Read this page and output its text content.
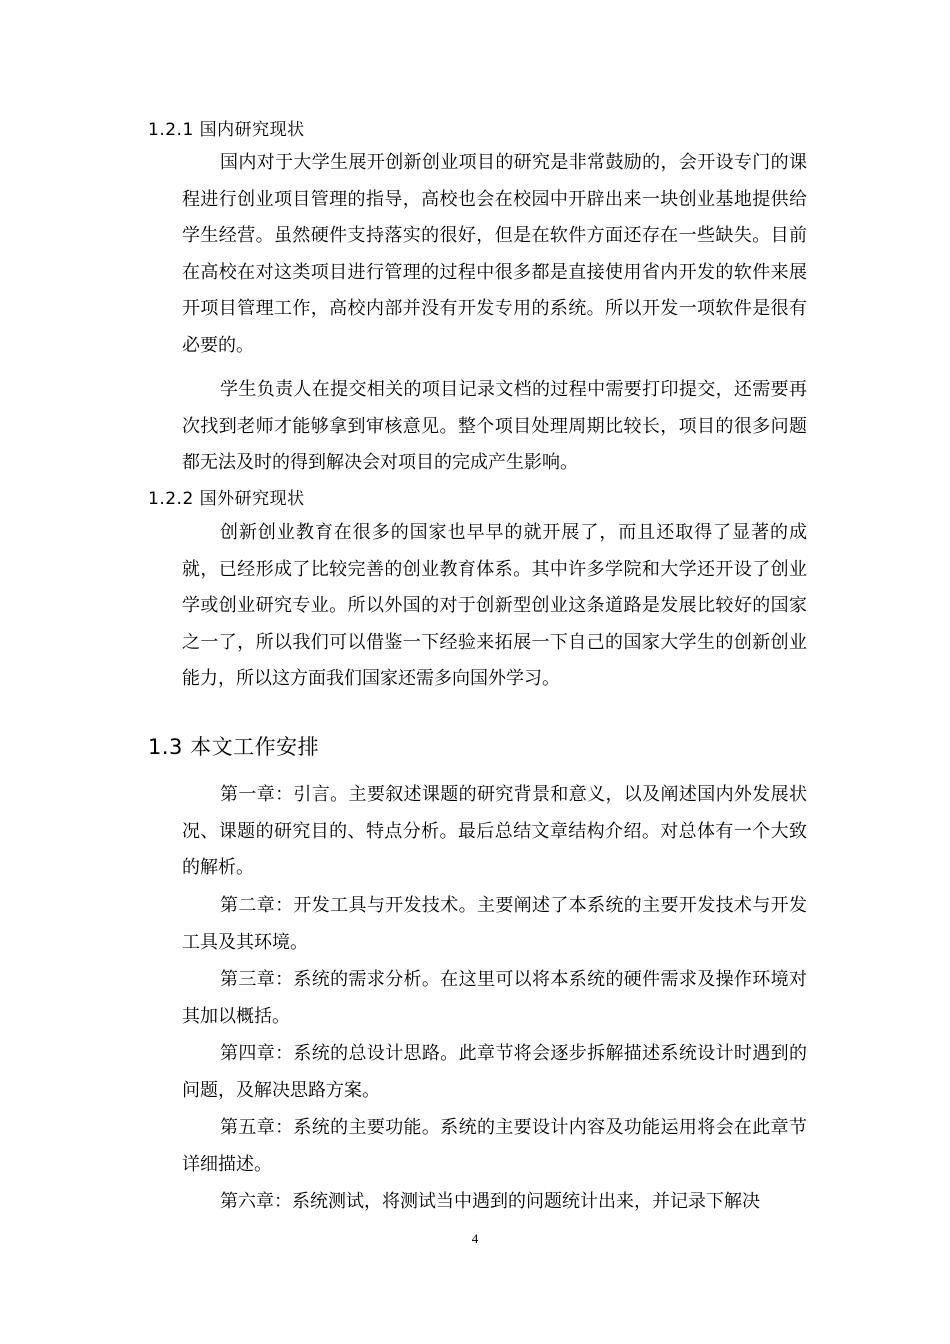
1.2.1 国内研究现状

国内对于大学生展开创新创业项目的研究是非常鼓励的，会开设专门的课程进行创业项目管理的指导，高校也会在校园中开辟出来一块创业基地提供给学生经营。虽然硬件支持落实的很好，但是在软件方面还存在一些缺失。目前在高校在对这类项目进行管理的过程中很多都是直接使用省内开发的软件来展开项目管理工作，高校内部并没有开发专用的系统。所以开发一项软件是很有必要的。

学生负责人在提交相关的项目记录文档的过程中需要打印提交，还需要再次找到老师才能够拿到审核意见。整个项目处理周期比较长，项目的很多问题都无法及时的得到解决会对项目的完成产生影响。

1.2.2 国外研究现状

创新创业教育在很多的国家也早早的就开展了，而且还取得了显著的成就，已经形成了比较完善的创业教育体系。其中许多学院和大学还开设了创业学或创业研究专业。所以外国的对于创新型创业这条道路是发展比较好的国家之一了，所以我们可以借鉴一下经验来拓展一下自己的国家大学生的创新创业能力，所以这方面我们国家还需多向国外学习。

1.3 本文工作安排

第一章：引言。主要叙述课题的研究背景和意义，以及阐述国内外发展状况、课题的研究目的、特点分析。最后总结文章结构介绍。对总体有一个大致的解析。

第二章：开发工具与开发技术。主要阐述了本系统的主要开发技术与开发工具及其环境。

第三章：系统的需求分析。在这里可以将本系统的硬件需求及操作环境对其加以概括。

第四章：系统的总设计思路。此章节将会逐步拆解描述系统设计时遇到的问题，及解决思路方案。

第五章：系统的主要功能。系统的主要设计内容及功能运用将会在此章节详细描述。

第六章：系统测试，将测试当中遇到的问题统计出来，并记录下解决

4
